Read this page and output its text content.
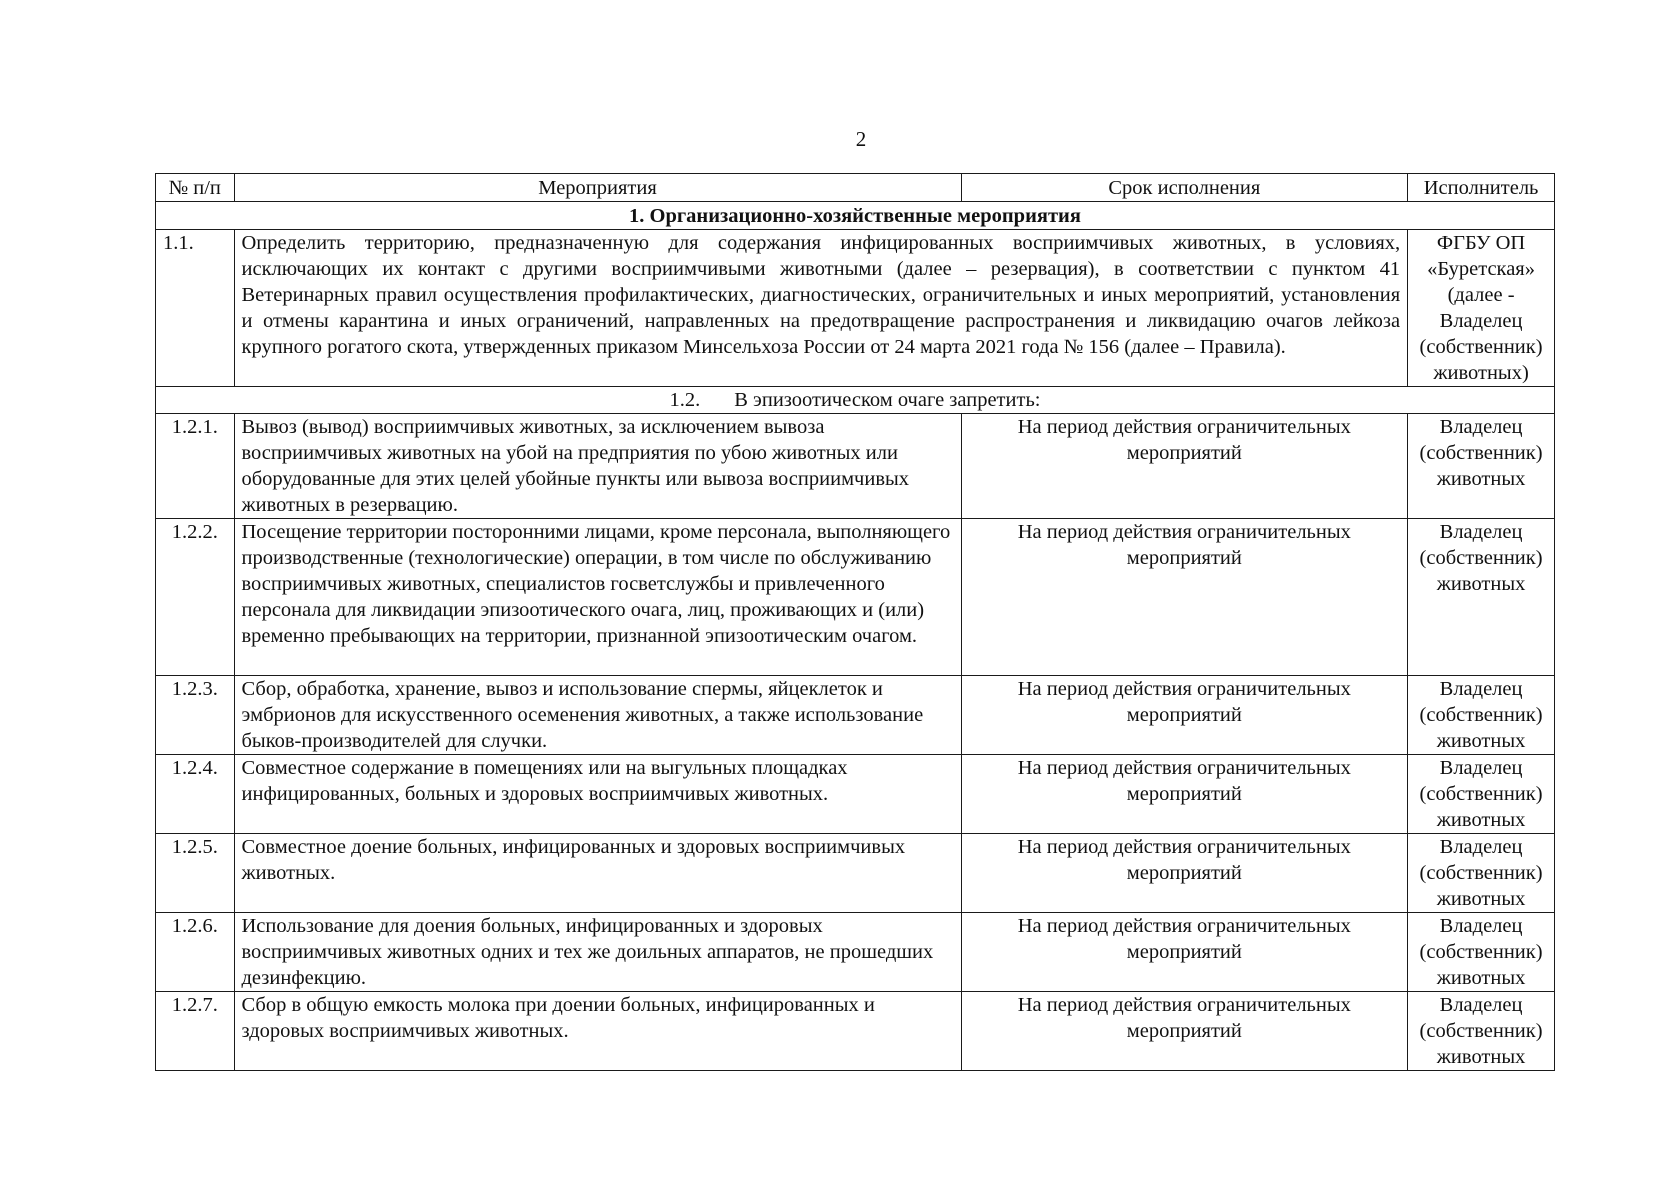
2
№ п/п	Мероприятия	Срок исполнения	Исполнитель
1. Организационно-хозяйственные мероприятия			
1.1.	Определить территорию, предназначенную для содержания инфицированных восприимчивых животных, в условиях, исключающих их контакт с другими восприимчивыми животными (далее – резервация), в соответствии с пунктом 41 Ветеринарных правил осуществления профилактических, диагностических, ограничительных и иных мероприятий, установления и отмены карантина и иных ограничений, направленных на предотвращение распространения и ликвидацию очагов лейкоза крупного рогатого скота, утвержденных приказом Минсельхоза России от 24 марта 2021 года № 156 (далее – Правила).		ФГБУ ОП «Буретская» (далее - Владелец (собственник) животных)
1.2. В эпизоотическом очаге запретить:			
1.2.1.	Вывоз (вывод) восприимчивых животных, за исключением вывоза восприимчивых животных на убой на предприятия по убою животных или оборудованные для этих целей убойные пункты или вывоза восприимчивых животных в резервацию.	На период действия ограничительных мероприятий	Владелец (собственник) животных
1.2.2.	Посещение территории посторонними лицами, кроме персонала, выполняющего производственные (технологические) операции, в том числе по обслуживанию восприимчивых животных, специалистов госветслужбы и привлеченного персонала для ликвидации эпизоотического очага, лиц, проживающих и (или) временно пребывающих на территории, признанной эпизоотическим очагом.	На период действия ограничительных мероприятий	Владелец (собственник) животных
1.2.3.	Сбор, обработка, хранение, вывоз и использование спермы, яйцеклеток и эмбрионов для искусственного осеменения животных, а также использование быков-производителей для случки.	На период действия ограничительных мероприятий	Владелец (собственник) животных
1.2.4.	Совместное содержание в помещениях или на выгульных площадках инфицированных, больных и здоровых восприимчивых животных.	На период действия ограничительных мероприятий	Владелец (собственник) животных
1.2.5.	Совместное доение больных, инфицированных и здоровых восприимчивых животных.	На период действия ограничительных мероприятий	Владелец (собственник) животных
1.2.6.	Использование для доения больных, инфицированных и здоровых восприимчивых животных одних и тех же доильных аппаратов, не прошедших дезинфекцию.	На период действия ограничительных мероприятий	Владелец (собственник) животных
1.2.7.	Сбор в общую емкость молока при доении больных, инфицированных и здоровых восприимчивых животных.	На период действия ограничительных мероприятий	Владелец (собственник) животных
